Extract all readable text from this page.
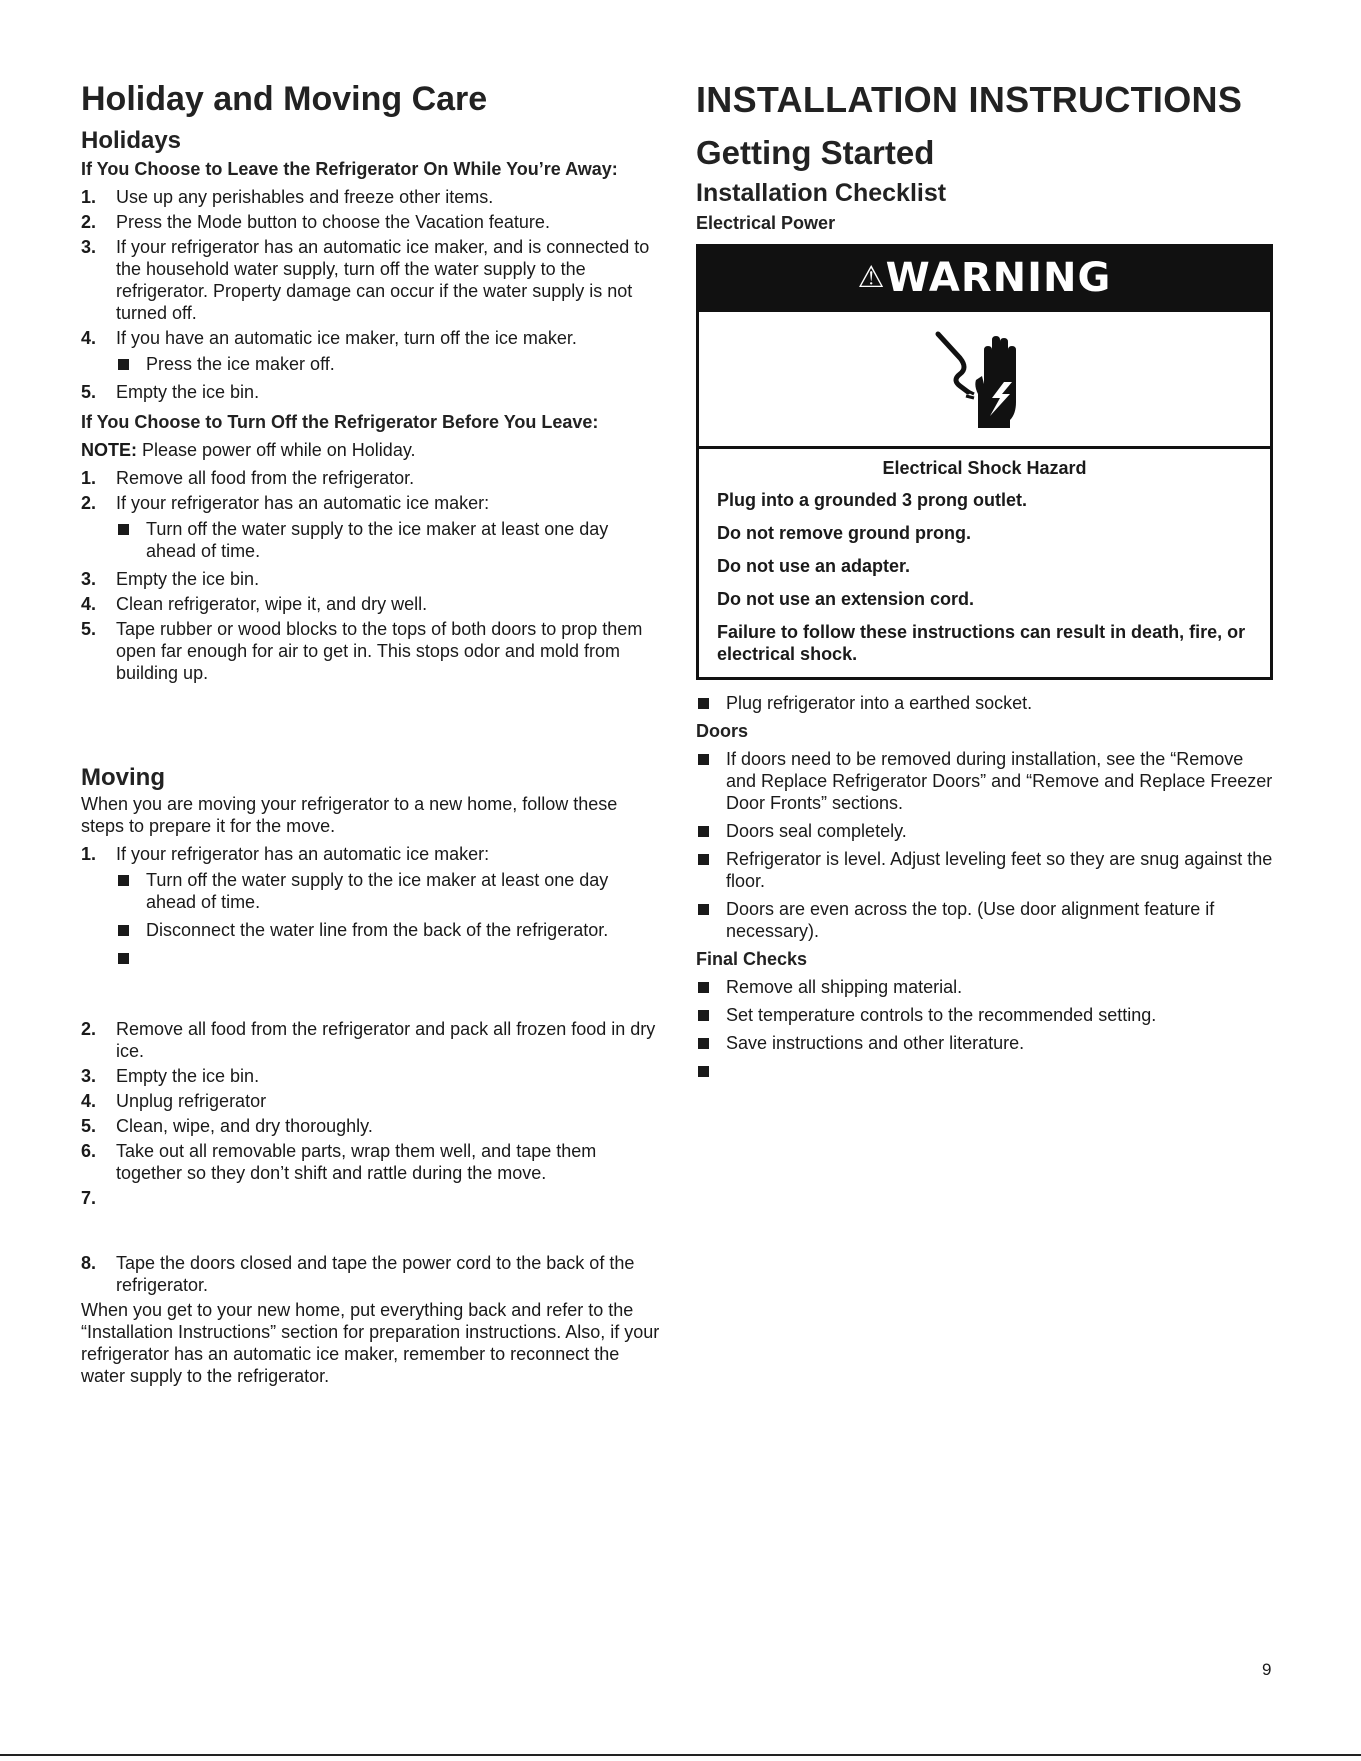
Holiday and Moving Care
Holidays
If You Choose to Leave the Refrigerator On While You’re Away:
1. Use up any perishables and freeze other items.
2. Press the Mode button to choose the Vacation feature.
3. If your refrigerator has an automatic ice maker, and is connected to the household water supply, turn off the water supply to the refrigerator. Property damage can occur if the water supply is not turned off.
4. If you have an automatic ice maker, turn off the ice maker.
Press the ice maker off.
5. Empty the ice bin.
If You Choose to Turn Off the Refrigerator Before You Leave:
NOTE: Please power off while on Holiday.
1. Remove all food from the refrigerator.
2. If your refrigerator has an automatic ice maker:
Turn off the water supply to the ice maker at least one day ahead of time.
3. Empty the ice bin.
4. Clean refrigerator, wipe it, and dry well.
5. Tape rubber or wood blocks to the tops of both doors to prop them open far enough for air to get in. This stops odor and mold from building up.
Moving
When you are moving your refrigerator to a new home, follow these steps to prepare it for the move.
1. If your refrigerator has an automatic ice maker:
Turn off the water supply to the ice maker at least one day ahead of time.
Disconnect the water line from the back of the refrigerator.
2. Remove all food from the refrigerator and pack all frozen food in dry ice.
3. Empty the ice bin.
4. Unplug refrigerator
5. Clean, wipe, and dry thoroughly.
6. Take out all removable parts, wrap them well, and tape them together so they don’t shift and rattle during the move.
7.
8. Tape the doors closed and tape the power cord to the back of the refrigerator.
When you get to your new home, put everything back and refer to the “Installation Instructions” section for preparation instructions. Also, if your refrigerator has an automatic ice maker, remember to reconnect the water supply to the refrigerator.
INSTALLATION INSTRUCTIONS
Getting Started
Installation Checklist
Electrical Power
⚠WARNING
Electrical Shock Hazard
Plug into a grounded 3 prong outlet.
Do not remove ground prong.
Do not use an adapter.
Do not use an extension cord.
Failure to follow these instructions can result in death, fire, or electrical shock.
Plug refrigerator into a earthed socket.
Doors
If doors need to be removed during installation, see the “Remove and Replace Refrigerator Doors” and “Remove and Replace Freezer Door Fronts” sections.
Doors seal completely.
Refrigerator is level. Adjust leveling feet so they are snug against the floor.
Doors are even across the top. (Use door alignment feature if necessary).
Final Checks
Remove all shipping material.
Set temperature controls to the recommended setting.
Save instructions and other literature.
9
